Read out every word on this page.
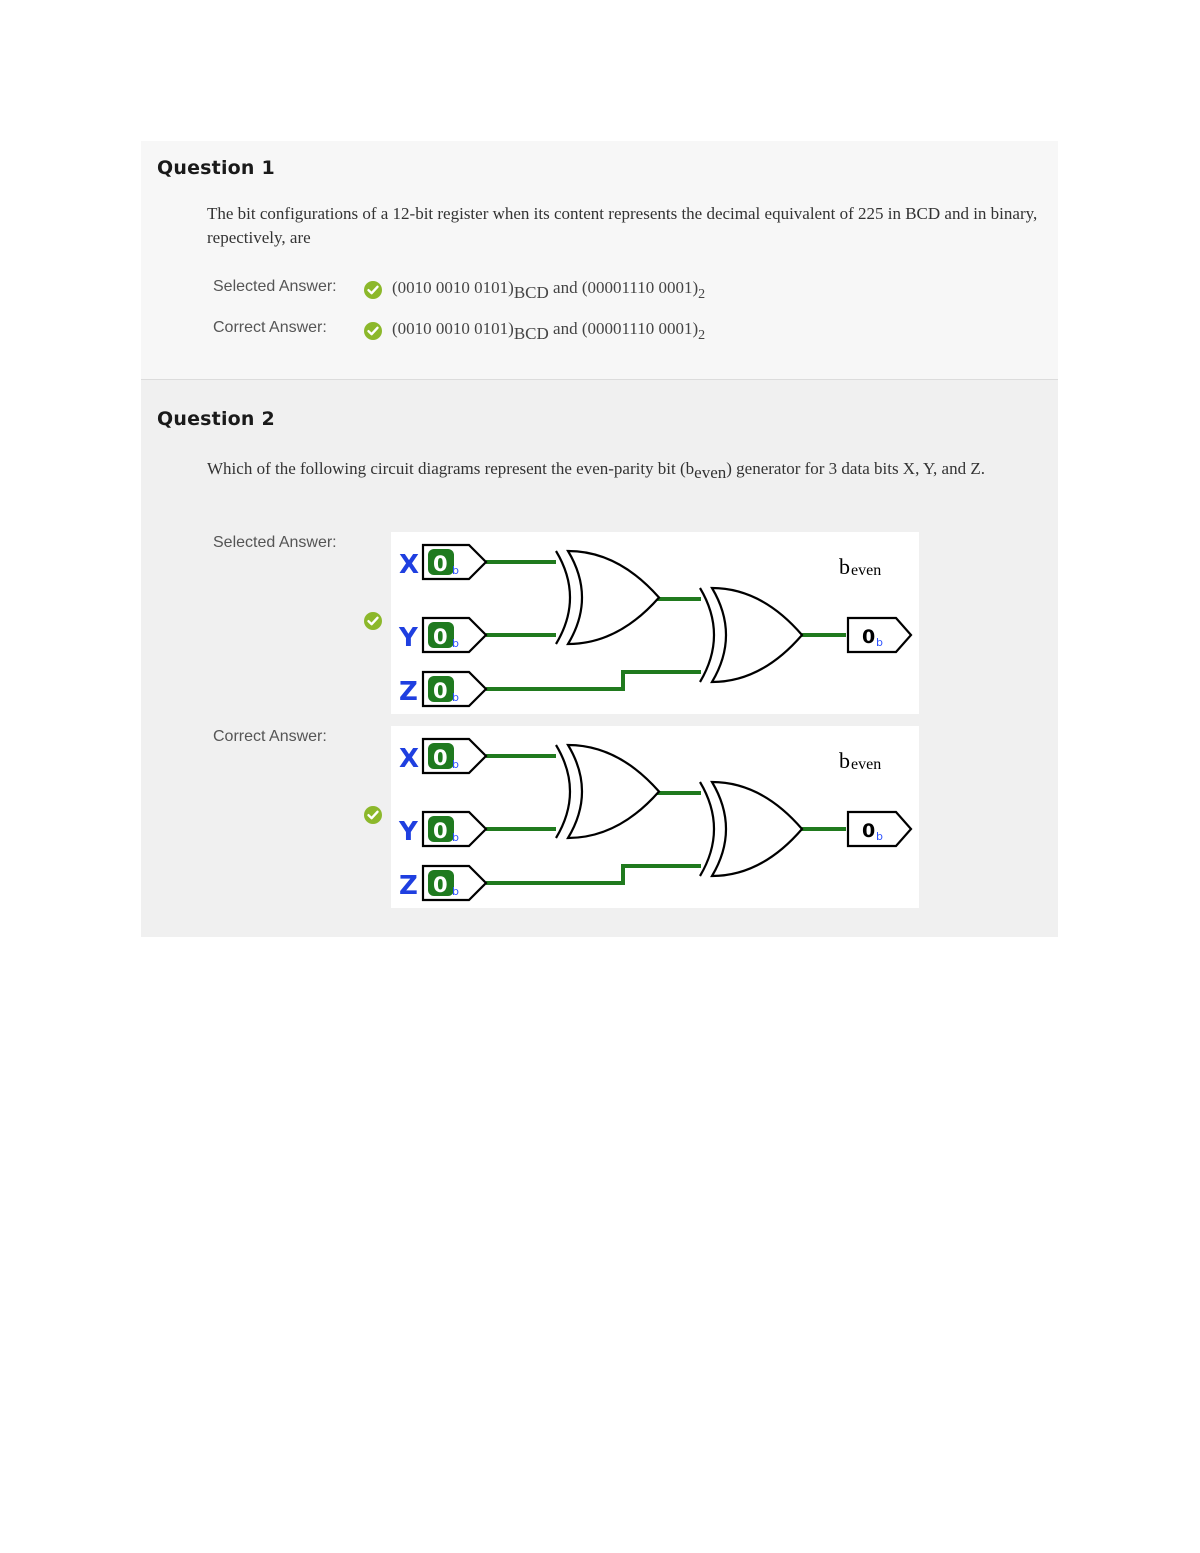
Question 1
The bit configurations of a 12-bit register when its content represents the decimal equivalent of 225 in BCD and in binary, repectively, are
Selected Answer:	(0010 0010 $0101)_{BCD}$ and (00001110 $0001)_2$
Correct Answer:	(0010 0010 $0101)_{BCD}$ and (00001110 $0001)_2$
Question 2
Which of the following circuit diagrams represent the even-parity bit $(b_{even})$ generator for 3 data bits X, Y, and Z.
Selected Answer:
X 0 b
Y 0 b
Z 0 b
0 b
b even
Correct Answer:
X 0 b
Y 0 b
Z 0 b
0 b
b even
